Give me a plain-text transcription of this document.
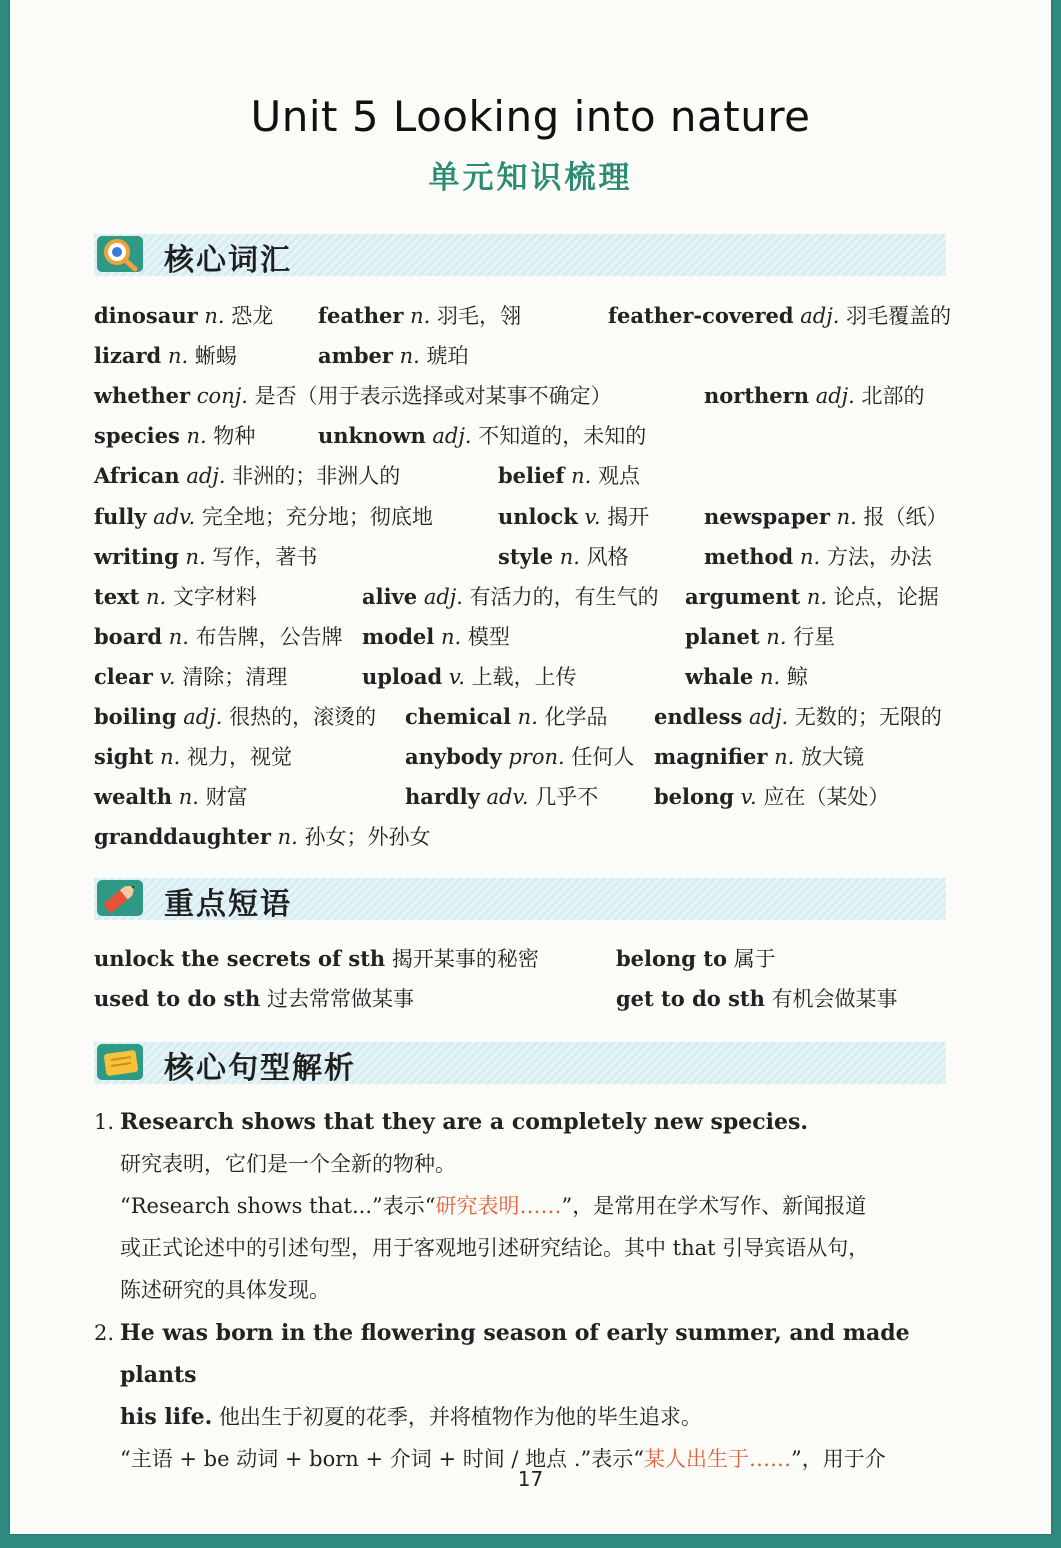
Unit 5 Looking into nature
单元知识梳理
核心词汇
dinosaur n. 恐龙 feather n. 羽毛，翎	feather-covered adj. 羽毛覆盖的
lizard n. 蜥蜴	amber n. 琥珀
whether conj. 是否（用于表示选择或对某事不确定）	northern adj. 北部的
species n. 物种	unknown adj. 不知道的，未知的
African adj. 非洲的；非洲人的	belief n. 观点
fully adv. 完全地；充分地；彻底地	unlock v. 揭开	newspaper n. 报（纸）
writing n. 写作，著书	style n. 风格	method n. 方法，办法
text n. 文字材料	alive adj. 有活力的，有生气的 argument n. 论点，论据
board n. 布告牌，公告牌 model n. 模型	planet n. 行星
clear v. 清除；清理	upload v. 上载，上传	whale n. 鲸
boiling adj. 很热的，滚烫的 chemical n. 化学品 endless adj. 无数的；无限的
sight n. 视力，视觉	anybody pron. 任何人 magnifier n. 放大镜
wealth n. 财富	hardly adv. 几乎不	belong v. 应在（某处）
granddaughter n. 孙女；外孙女
重点短语
unlock the secrets of sth 揭开某事的秘密	belong to 属于
used to do sth 过去常常做某事	get to do sth 有机会做某事
核心句型解析
1. Research shows that they are a completely new species.
研究表明，它们是一个全新的物种。
“Research shows that...”表示“研究表明……”，是常用在学术写作、新闻报道
或正式论述中的引述句型，用于客观地引述研究结论。其中 that 引导宾语从句，
陈述研究的具体发现。
2. He was born in the flowering season of early summer, and made plants
his life. 他出生于初夏的花季，并将植物作为他的毕生追求。
“主语 + be 动词 + born + 介词 + 时间 / 地点 .”表示“某人出生于……”，用于介
17
